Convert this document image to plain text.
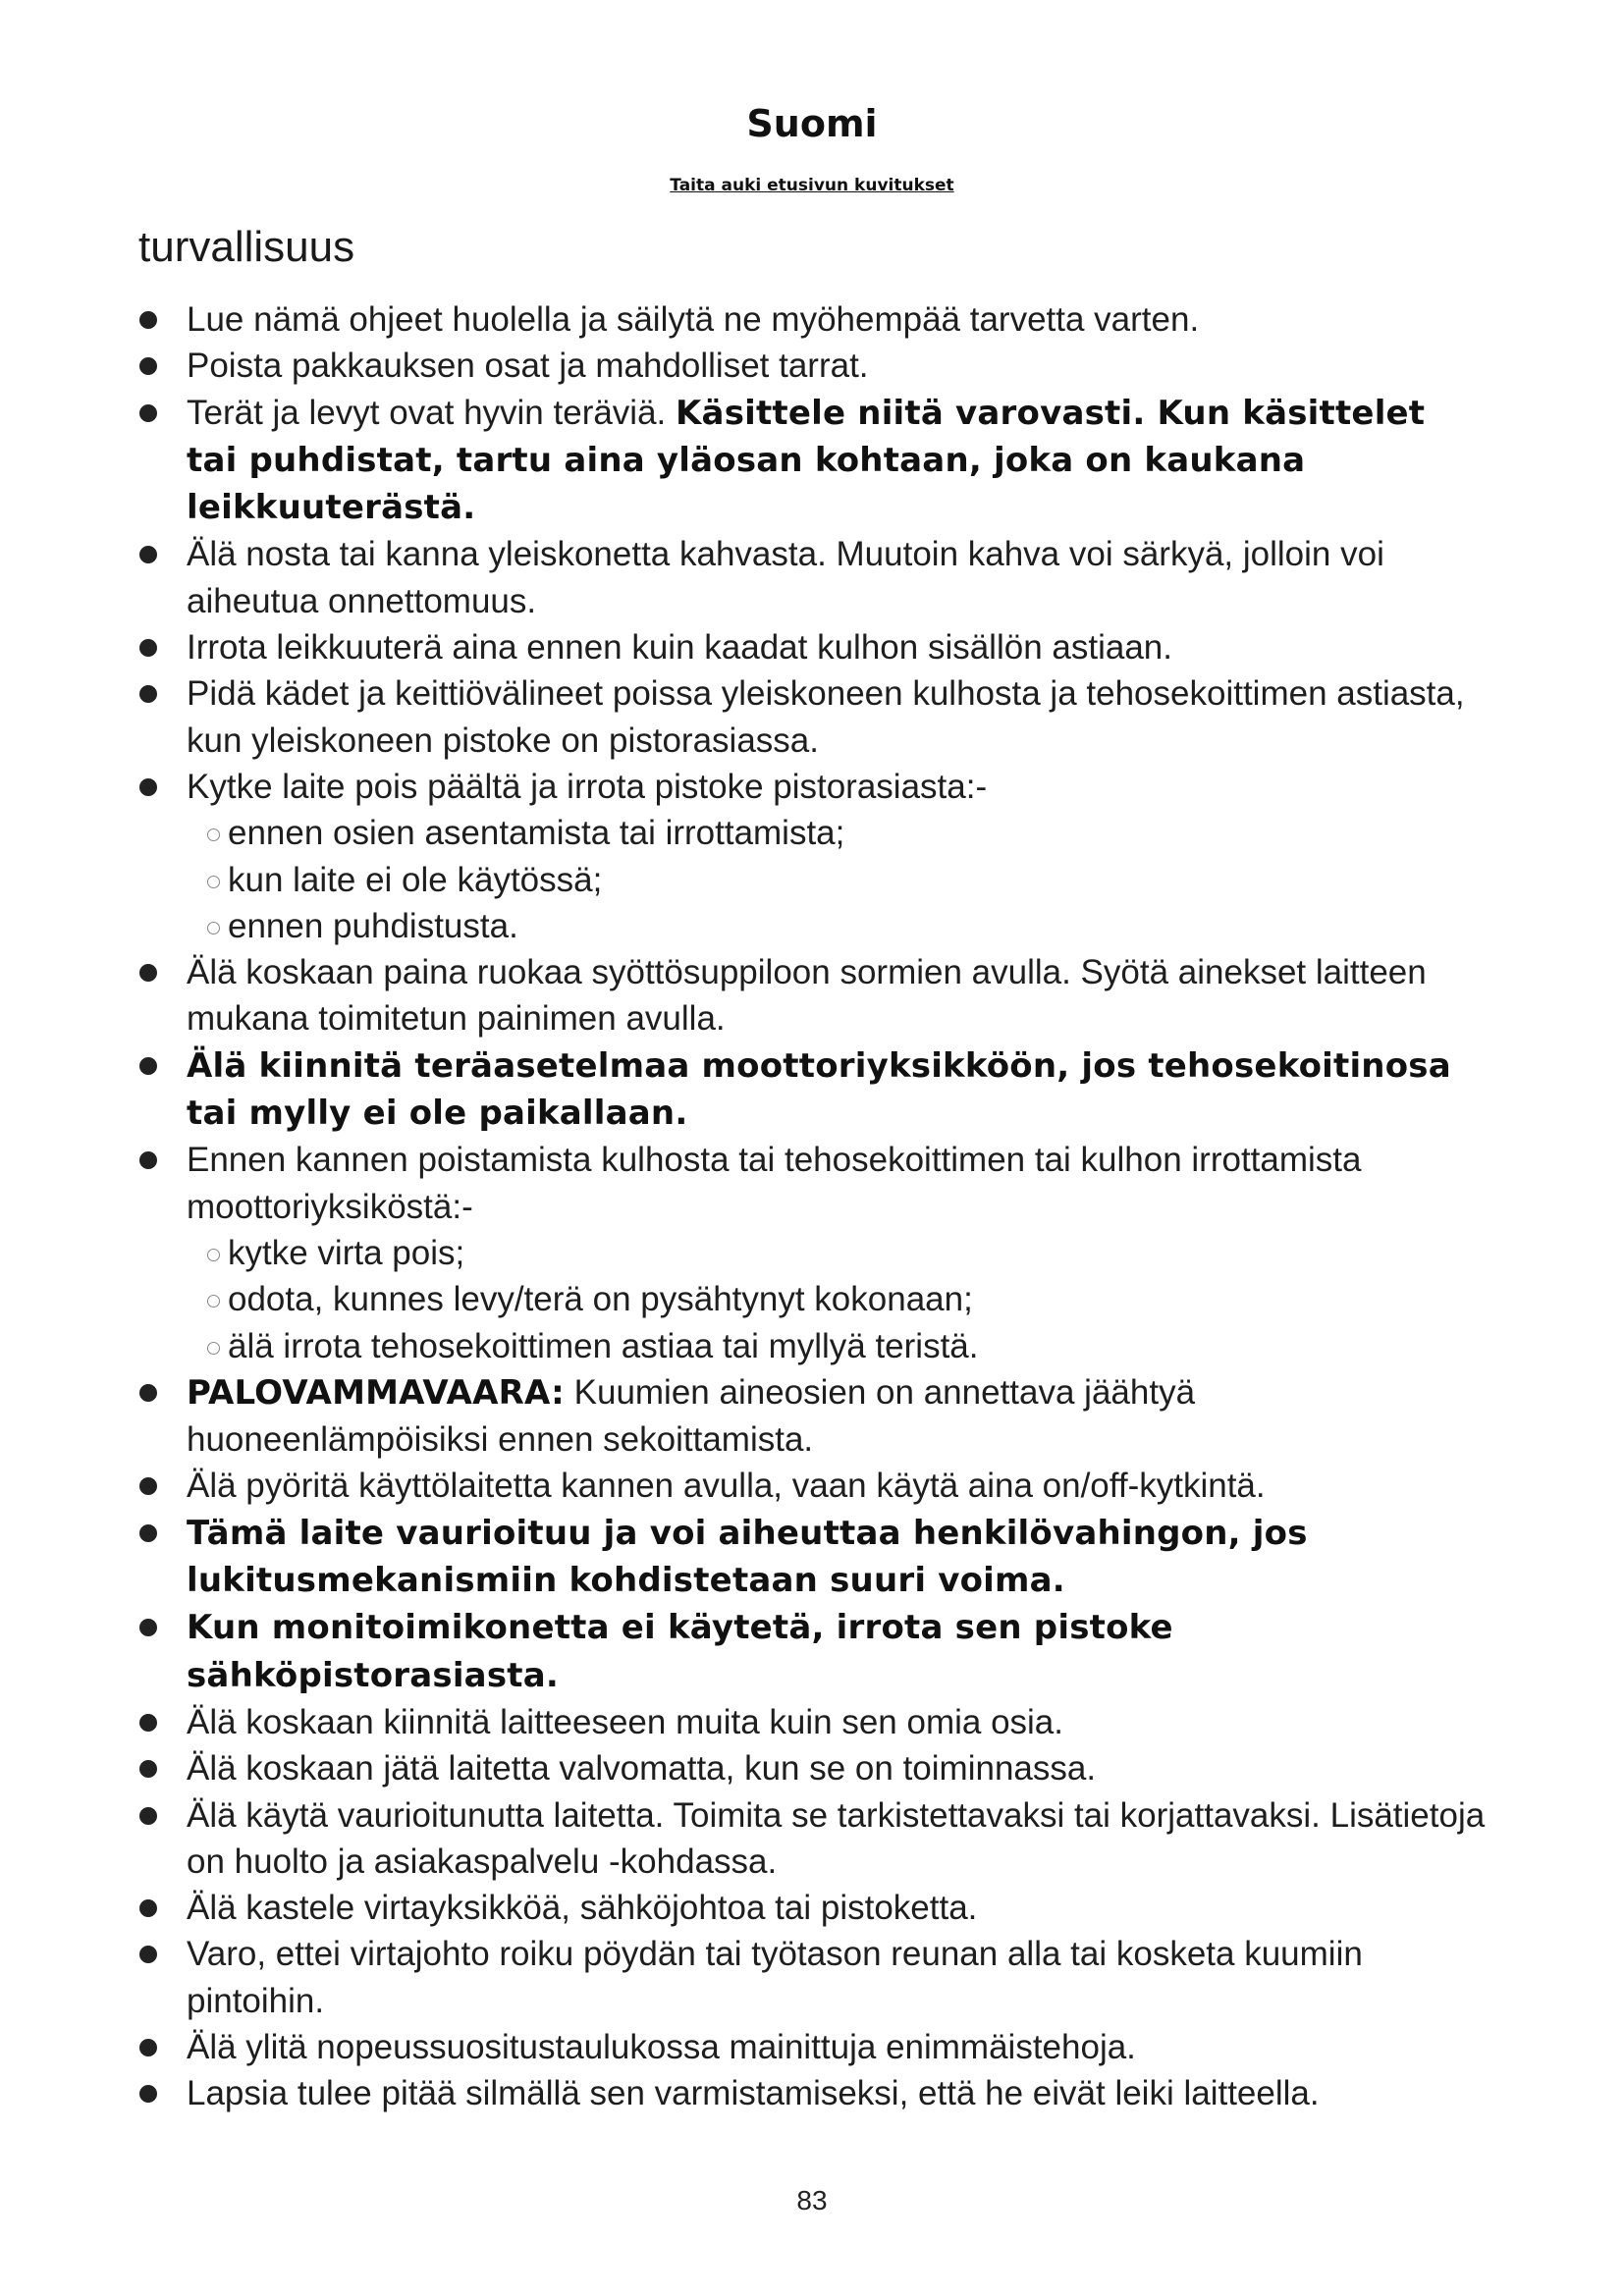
Suomi
Taita auki etusivun kuvitukset
turvallisuus
Lue nämä ohjeet huolella ja säilytä ne myöhempää tarvetta varten.
Poista pakkauksen osat ja mahdolliset tarrat.
Terät ja levyt ovat hyvin teräviä. Käsittele niitä varovasti. Kun käsittelet tai puhdistat, tartu aina yläosan kohtaan, joka on kaukana leikkuuterästä.
Älä nosta tai kanna yleiskonetta kahvasta. Muutoin kahva voi särkyä, jolloin voi aiheutua onnettomuus.
Irrota leikkuuterä aina ennen kuin kaadat kulhon sisällön astiaan.
Pidä kädet ja keittiövälineet poissa yleiskoneen kulhosta ja tehosekoittimen astiasta, kun yleiskoneen pistoke on pistorasiassa.
Kytke laite pois päältä ja irrota pistoke pistorasiasta:-
ennen osien asentamista tai irrottamista;
kun laite ei ole käytössä;
ennen puhdistusta.
Älä koskaan paina ruokaa syöttösuppiloon sormien avulla. Syötä ainekset laitteen mukana toimitetun painimen avulla.
Älä kiinnitä teräasetelmaa moottoriyksikköön, jos tehosekoitinosa tai mylly ei ole paikallaan.
Ennen kannen poistamista kulhosta tai tehosekoittimen tai kulhon irrottamista moottoriyksiköstä:-
kytke virta pois;
odota, kunnes levy/terä on pysähtynyt kokonaan;
älä irrota tehosekoittimen astiaa tai myllyä teristä.
PALOVAMMAVAARA: Kuumien aineosien on annettava jäähtyä huoneenlämpöisiksi ennen sekoittamista.
Älä pyöritä käyttölaitetta kannen avulla, vaan käytä aina on/off-kytkintä.
Tämä laite vaurioituu ja voi aiheuttaa henkilövahingon, jos lukitusmekanismiin kohdistetaan suuri voima.
Kun monitoimikonetta ei käytetä, irrota sen pistoke sähköpistorasiasta.
Älä koskaan kiinnitä laitteeseen muita kuin sen omia osia.
Älä koskaan jätä laitetta valvomatta, kun se on toiminnassa.
Älä käytä vaurioitunutta laitetta. Toimita se tarkistettavaksi tai korjattavaksi. Lisätietoja on huolto ja asiakaspalvelu -kohdassa.
Älä kastele virtayksikköä, sähköjohtoa tai pistoketta.
Varo, ettei virtajohto roiku pöydän tai työtason reunan alla tai kosketa kuumiin pintoihin.
Älä ylitä nopeussuositustaulukossa mainittuja enimmäistehoja.
Lapsia tulee pitää silmällä sen varmistamiseksi, että he eivät leiki laitteella.
83
